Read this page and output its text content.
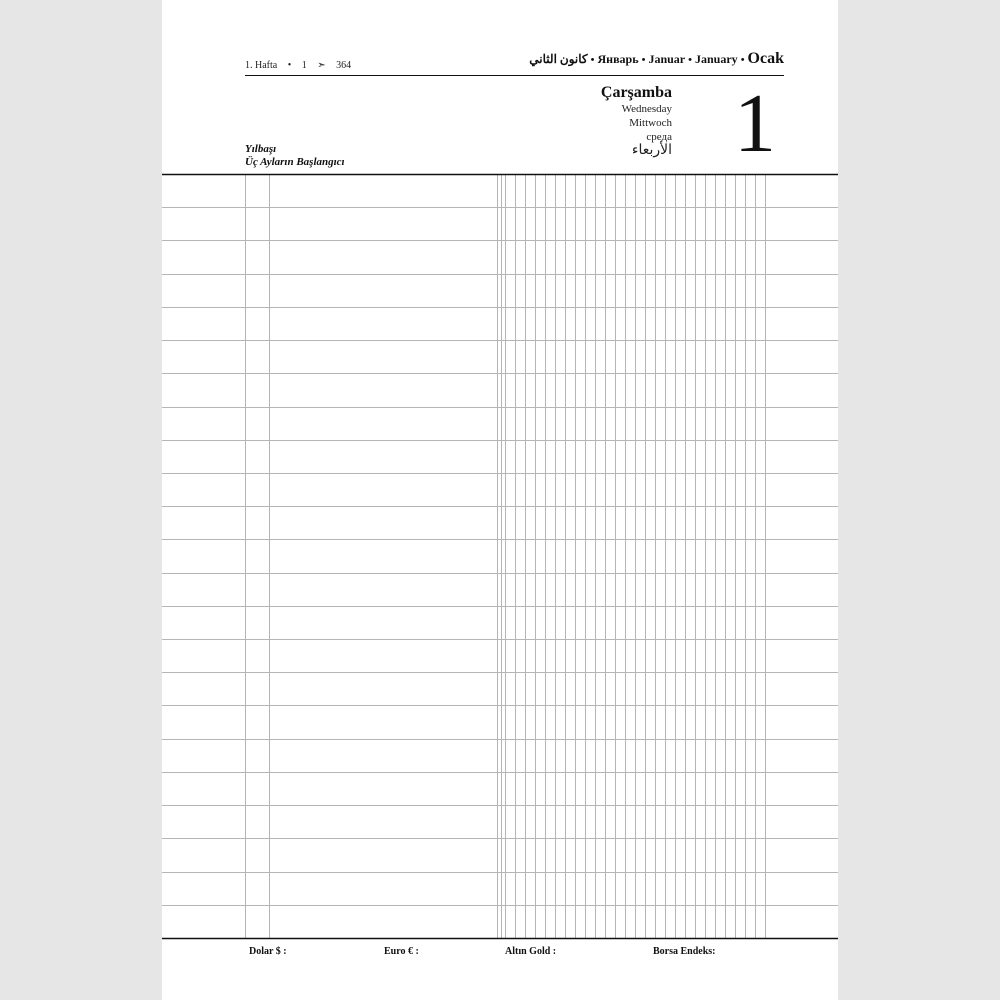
1. Hafta • 1 ➣ 364	كانون الثاني • Январь • Januar • January • Ocak
Çarşamba
Wednesday
Mittwoch
среда
الأربعاء 1
Yılbaşı
Üç Ayların Başlangıcı
Dolar $ :	Euro € :	Altın Gold :	Borsa Endeks:
